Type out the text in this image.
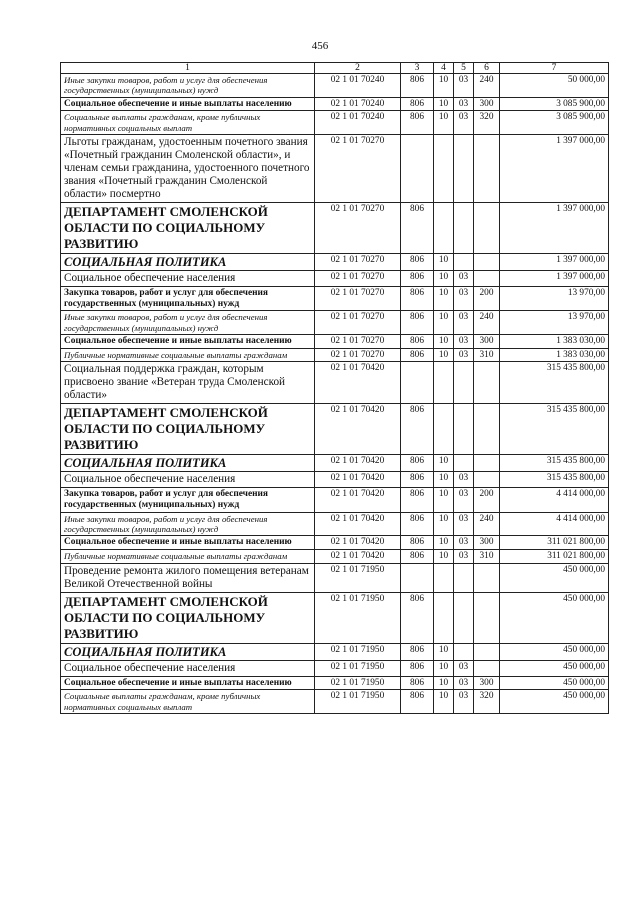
456
1	2	3	4	5	6	7
Иные закупки товаров, работ и услуг для обеспечения государственных (муниципальных) нужд	02 1 01 70240	806	10	03	240	50 000,00
Социальное обеспечение и иные выплаты населению	02 1 01 70240	806	10	03	300	3 085 900,00
Социальные выплаты гражданам, кроме публичных нормативных социальных выплат	02 1 01 70240	806	10	03	320	3 085 900,00
Льготы гражданам, удостоенным почетного звания «Почетный гражданин Смоленской области», и членам семьи гражданина, удостоенного почетного звания «Почетный гражданин Смоленской области» посмертно	02 1 01 70270					1 397 000,00
ДЕПАРТАМЕНТ СМОЛЕНСКОЙ ОБЛАСТИ ПО СОЦИАЛЬНОМУ РАЗВИТИЮ	02 1 01 70270	806				1 397 000,00
СОЦИАЛЬНАЯ ПОЛИТИКА	02 1 01 70270	806	10			1 397 000,00
Социальное обеспечение населения	02 1 01 70270	806	10	03		1 397 000,00
Закупка товаров, работ и услуг для обеспечения государственных (муниципальных) нужд	02 1 01 70270	806	10	03	200	13 970,00
Иные закупки товаров, работ и услуг для обеспечения государственных (муниципальных) нужд	02 1 01 70270	806	10	03	240	13 970,00
Социальное обеспечение и иные выплаты населению	02 1 01 70270	806	10	03	300	1 383 030,00
Публичные нормативные социальные выплаты гражданам	02 1 01 70270	806	10	03	310	1 383 030,00
Социальная поддержка граждан, которым присвоено звание «Ветеран труда Смоленской области»	02 1 01 70420					315 435 800,00
ДЕПАРТАМЕНТ СМОЛЕНСКОЙ ОБЛАСТИ ПО СОЦИАЛЬНОМУ РАЗВИТИЮ	02 1 01 70420	806				315 435 800,00
СОЦИАЛЬНАЯ ПОЛИТИКА	02 1 01 70420	806	10			315 435 800,00
Социальное обеспечение населения	02 1 01 70420	806	10	03		315 435 800,00
Закупка товаров, работ и услуг для обеспечения государственных (муниципальных) нужд	02 1 01 70420	806	10	03	200	4 414 000,00
Иные закупки товаров, работ и услуг для обеспечения государственных (муниципальных) нужд	02 1 01 70420	806	10	03	240	4 414 000,00
Социальное обеспечение и иные выплаты населению	02 1 01 70420	806	10	03	300	311 021 800,00
Публичные нормативные социальные выплаты гражданам	02 1 01 70420	806	10	03	310	311 021 800,00
Проведение ремонта жилого помещения ветеранам Великой Отечественной войны	02 1 01 71950					450 000,00
ДЕПАРТАМЕНТ СМОЛЕНСКОЙ ОБЛАСТИ ПО СОЦИАЛЬНОМУ РАЗВИТИЮ	02 1 01 71950	806				450 000,00
СОЦИАЛЬНАЯ ПОЛИТИКА	02 1 01 71950	806	10			450 000,00
Социальное обеспечение населения	02 1 01 71950	806	10	03		450 000,00
Социальное обеспечение и иные выплаты населению	02 1 01 71950	806	10	03	300	450 000,00
Социальные выплаты гражданам, кроме публичных нормативных социальных выплат	02 1 01 71950	806	10	03	320	450 000,00
